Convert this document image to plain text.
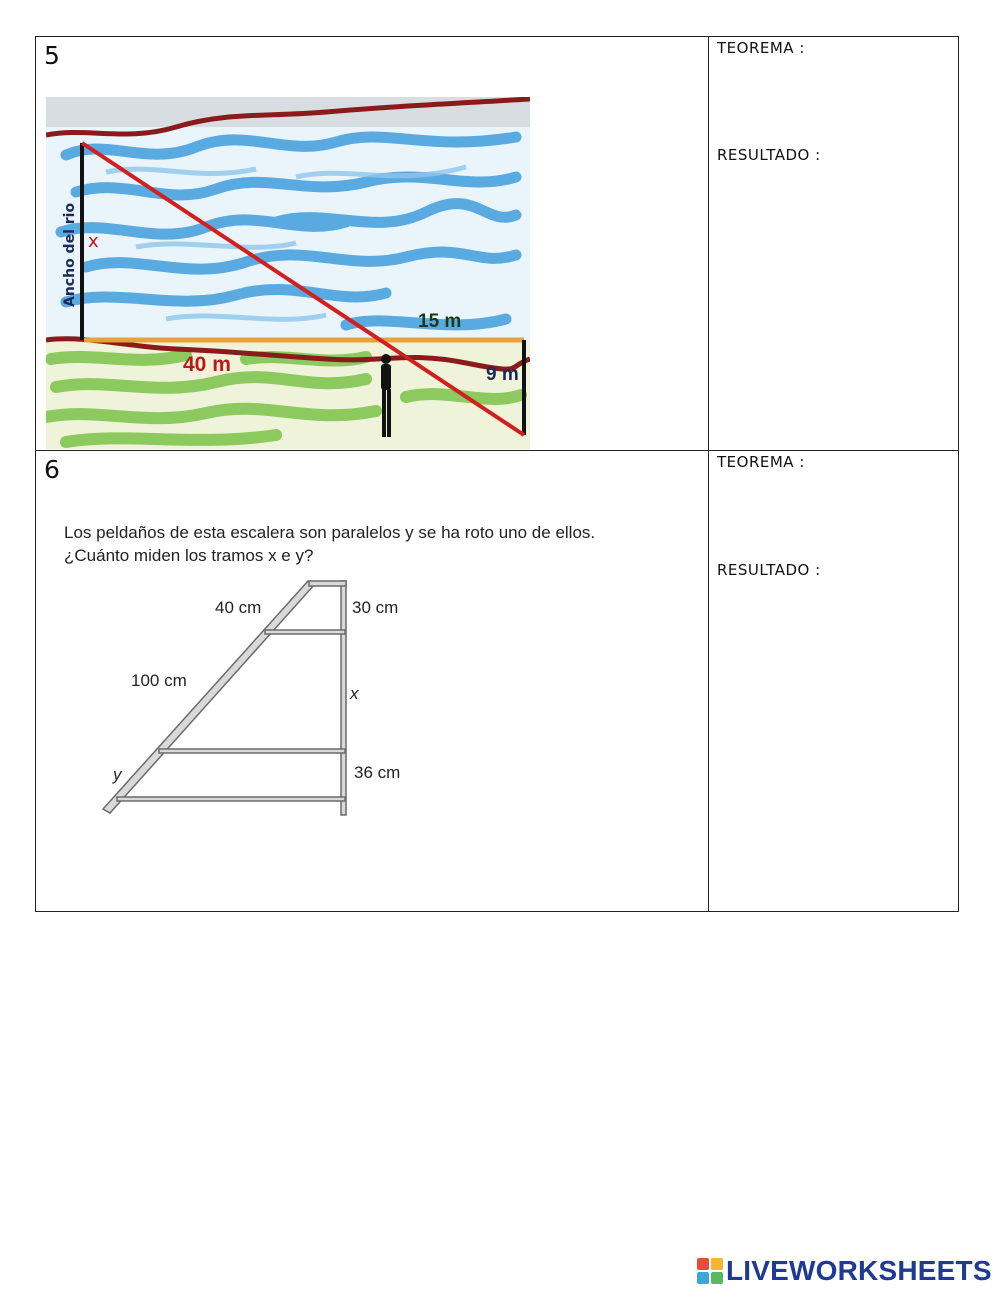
5	TEOREMA :
RESULTADO :
Ancho del rio x
15 m
40 m	9 m
6	TEOREMA :
RESULTADO :
Los peldaños de esta escalera son paralelos y se ha roto uno de ellos.
¿Cuánto miden los tramos x e y?
40 cm
100 cm
y
30 cm
x
36 cm
LIVEWORKSHEETS
